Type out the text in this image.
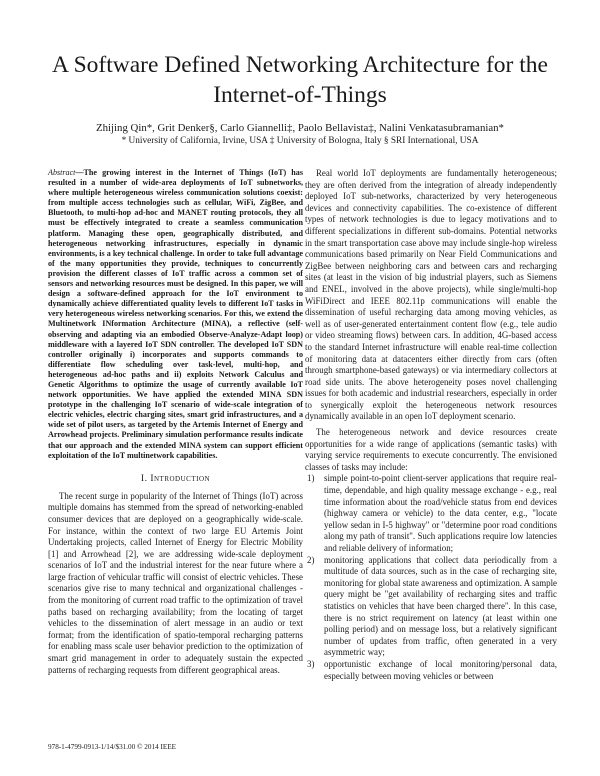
A Software Defined Networking Architecture for the Internet-of-Things
Zhijing Qin*, Grit Denker§, Carlo Giannelli‡, Paolo Bellavista‡, Nalini Venkatasubramanian*
* University of California, Irvine, USA ‡ University of Bologna, Italy § SRI International, USA

Abstract—The growing interest in the Internet of Things (IoT) has resulted in a number of wide-area deployments of IoT subnetworks, where multiple heterogeneous wireless communication solutions coexist: from multiple access technologies such as cellular, WiFi, ZigBee, and Bluetooth, to multi-hop ad-hoc and MANET routing protocols, they all must be effectively integrated to create a seamless communication platform. Managing these open, geographically distributed, and heterogeneous networking infrastructures, especially in dynamic environments, is a key technical challenge. In order to take full advantage of the many opportunities they provide, techniques to concurrently provision the different classes of IoT traffic across a common set of sensors and networking resources must be designed. In this paper, we will design a software-defined approach for the IoT environment to dynamically achieve differentiated quality levels to different IoT tasks in very heterogeneous wireless networking scenarios. For this, we extend the Multinetwork INformation Architecture (MINA), a reflective (self-observing and adapting via an embodied Observe-Analyze-Adapt loop) middleware with a layered IoT SDN controller. The developed IoT SDN controller originally i) incorporates and supports commands to differentiate flow scheduling over task-level, multi-hop, and heterogeneous ad-hoc paths and ii) exploits Network Calculus and Genetic Algorithms to optimize the usage of currently available IoT network opportunities. We have applied the extended MINA SDN prototype in the challenging IoT scenario of wide-scale integration of electric vehicles, electric charging sites, smart grid infrastructures, and a wide set of pilot users, as targeted by the Artemis Internet of Energy and Arrowhead projects. Preliminary simulation performance results indicate that our approach and the extended MINA system can support efficient exploitation of the IoT multinetwork capabilities.

I. Introduction

The recent surge in popularity of the Internet of Things (IoT) across multiple domains has stemmed from the spread of networking-enabled consumer devices that are deployed on a geographically wide-scale. For instance, within the context of two large EU Artemis Joint Undertaking projects, called Internet of Energy for Electric Mobility [1] and Arrowhead [2], we are addressing wide-scale deployment scenarios of IoT and the industrial interest for the near future where a large fraction of vehicular traffic will consist of electric vehicles. These scenarios give rise to many technical and organizational challenges - from the monitoring of current road traffic to the optimization of travel paths based on recharging availability; from the locating of target vehicles to the dissemination of alert message in an audio or text format; from the identification of spatio-temporal recharging patterns for enabling mass scale user behavior prediction to the optimization of smart grid management in order to adequately sustain the expected patterns of recharging requests from different geographical areas.

Real world IoT deployments are fundamentally heterogeneous; they are often derived from the integration of already independently deployed IoT sub-networks, characterized by very heterogeneous devices and connectivity capabilities. The co-existence of different types of network technologies is due to legacy motivations and to different specializations in different sub-domains. Potential networks in the smart transportation case above may include single-hop wireless communications based primarily on Near Field Communications and ZigBee between neighboring cars and between cars and recharging sites (at least in the vision of big industrial players, such as Siemens and ENEL, involved in the above projects), while single/multi-hop WiFiDirect and IEEE 802.11p communications will enable the dissemination of useful recharging data among moving vehicles, as well as of user-generated entertainment content flow (e.g., tele audio or video streaming flows) between cars. In addition, 4G-based access to the standard Internet infrastructure will enable real-time collection of monitoring data at datacenters either directly from cars (often through smartphone-based gateways) or via intermediary collectors at road side units. The above heterogeneity poses novel challenging issues for both academic and industrial researchers, especially in order to synergically exploit the heterogeneous network resources dynamically available in an open IoT deployment scenario.

The heterogeneous network and device resources create opportunities for a wide range of applications (semantic tasks) with varying service requirements to execute concurrently. The envisioned classes of tasks may include:

1) simple point-to-point client-server applications that require real-time, dependable, and high quality message exchange - e.g., real time information about the road/vehicle status from end devices (highway camera or vehicle) to the data center, e.g., "locate yellow sedan in I-5 highway" or "determine poor road conditions along my path of transit". Such applications require low latencies and reliable delivery of information;
2) monitoring applications that collect data periodically from a multitude of data sources, such as in the case of recharging site, monitoring for global state awareness and optimization. A sample query might be "get availability of recharging sites and traffic statistics on vehicles that have been charged there". In this case, there is no strict requirement on latency (at least within one polling period) and on message loss, but a relatively significant number of updates from traffic, often generated in a very asymmetric way;
3) opportunistic exchange of local monitoring/personal data, especially between moving vehicles or between
978-1-4799-0913-1/14/$31.00 © 2014 IEEE
